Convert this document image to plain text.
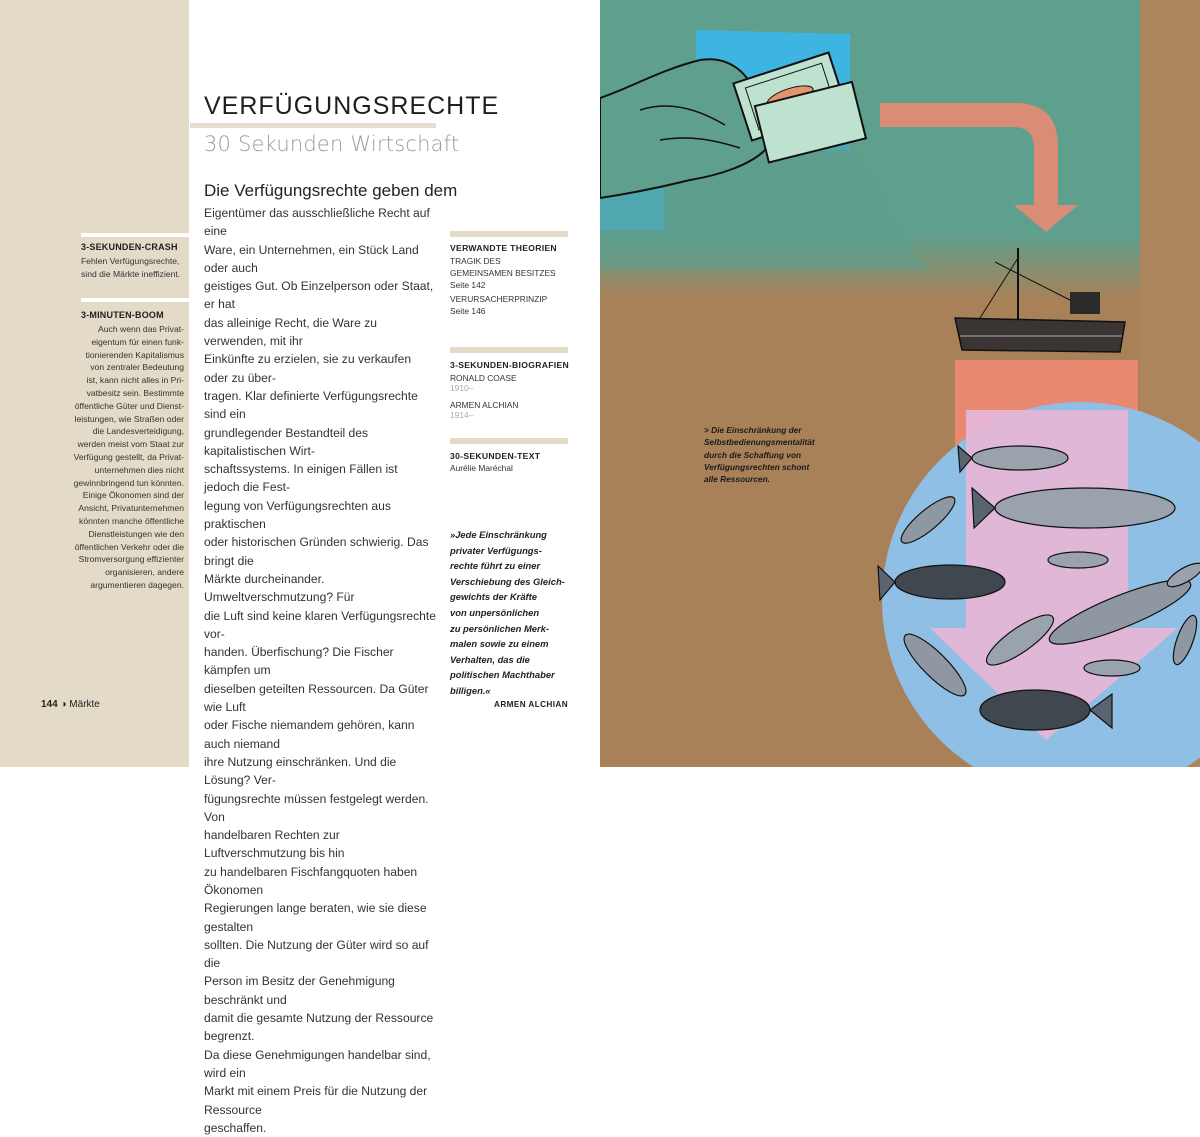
VERFÜGUNGSRECHTE
30 Sekunden Wirtschaft
Die Verfügungsrechte geben dem
Eigentümer das ausschließliche Recht auf eine
Ware, ein Unternehmen, ein Stück Land oder auch
geistiges Gut. Ob Einzelperson oder Staat, er hat
das alleinige Recht, die Ware zu verwenden, mit ihr
Einkünfte zu erzielen, sie zu verkaufen oder zu über-
tragen. Klar definierte Verfügungsrechte sind ein
grundlegender Bestandteil des kapitalistischen Wirt-
schaftssystems. In einigen Fällen ist jedoch die Fest-
legung von Verfügungsrechten aus praktischen
oder historischen Gründen schwierig. Das bringt die
Märkte durcheinander. Umweltverschmutzung? Für
die Luft sind keine klaren Verfügungsrechte vor-
handen. Überfischung? Die Fischer kämpfen um
dieselben geteilten Ressourcen. Da Güter wie Luft
oder Fische niemandem gehören, kann auch niemand
ihre Nutzung einschränken. Und die Lösung? Ver-
fügungsrechte müssen festgelegt werden. Von
handelbaren Rechten zur Luftverschmutzung bis hin
zu handelbaren Fischfangquoten haben Ökonomen
Regierungen lange beraten, wie sie diese gestalten
sollten. Die Nutzung der Güter wird so auf die
Person im Besitz der Genehmigung beschränkt und
damit die gesamte Nutzung der Ressource begrenzt.
Da diese Genehmigungen handelbar sind, wird ein
Markt mit einem Preis für die Nutzung der Ressource
geschaffen.
3-SEKUNDEN-CRASH
Fehlen Verfügungsrechte,
sind die Märkte ineffizient.
3-MINUTEN-BOOM
Auch wenn das Privat-
eigentum für einen funk-
tionierenden Kapitalismus
von zentraler Bedeutung
ist, kann nicht alles in Pri-
vatbesitz sein. Bestimmte
öffentliche Güter und Dienst-
leistungen, wie Straßen oder
die Landesverteidigung,
werden meist vom Staat zur
Verfügung gestellt, da Privat-
unternehmen dies nicht
gewinnbringend tun könnten.
Einige Ökonomen sind der
Ansicht, Privatunternehmen
könnten manche öffentliche
Dienstleistungen wie den
öffentlichen Verkehr oder die
Stromversorgung effizienter
organisieren, andere
argumentieren dagegen.
144 ◑ Märkte
VERWANDTE THEORIEN
TRAGIK DES
GEMEINSAMEN BESITZES
Seite 142
VERURSACHERPRINZIP
Seite 146
3-SEKUNDEN-BIOGRAFIEN
RONALD COASE
1910–
ARMEN ALCHIAN
1914–
30-SEKUNDEN-TEXT
Aurélie Maréchal
»Jede Einschränkung
privater Verfügungs-
rechte führt zu einer
Verschiebung des Gleich-
gewichts der Kräfte
von unpersönlichen
zu persönlichen Merk-
malen sowie zu einem
Verhalten, das die
politischen Machthaber
billigen.«
ARMEN ALCHIAN
> Die Einschränkung der
Selbstbedienungsmentalität
durch die Schaffung von
Verfügungsrechten schont
alle Ressourcen.
